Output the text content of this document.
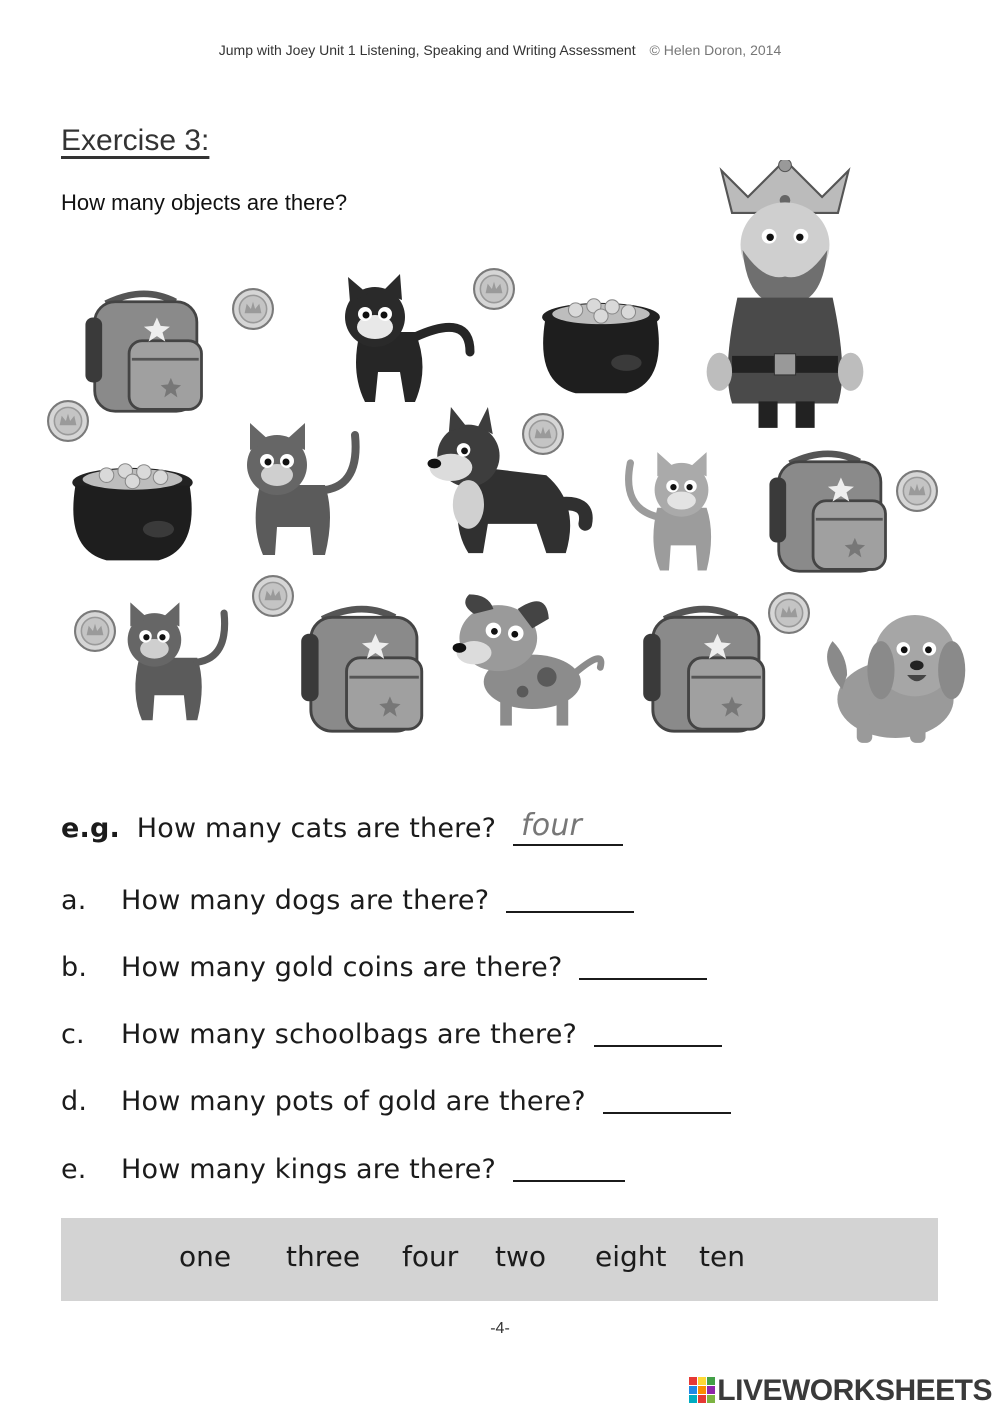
Jump with Joey Unit 1 Listening, Speaking and Writing Assessment © Helen Doron, 2014
Exercise 3:
How many objects are there?
e.g. How many cats are there? four
a. How many dogs are there?
b. How many gold coins are there?
c. How many schoolbags are there?
d. How many pots of gold are there?
e. How many kings are there?
one three four two eight ten
-4-
LIVEWORKSHEETS
